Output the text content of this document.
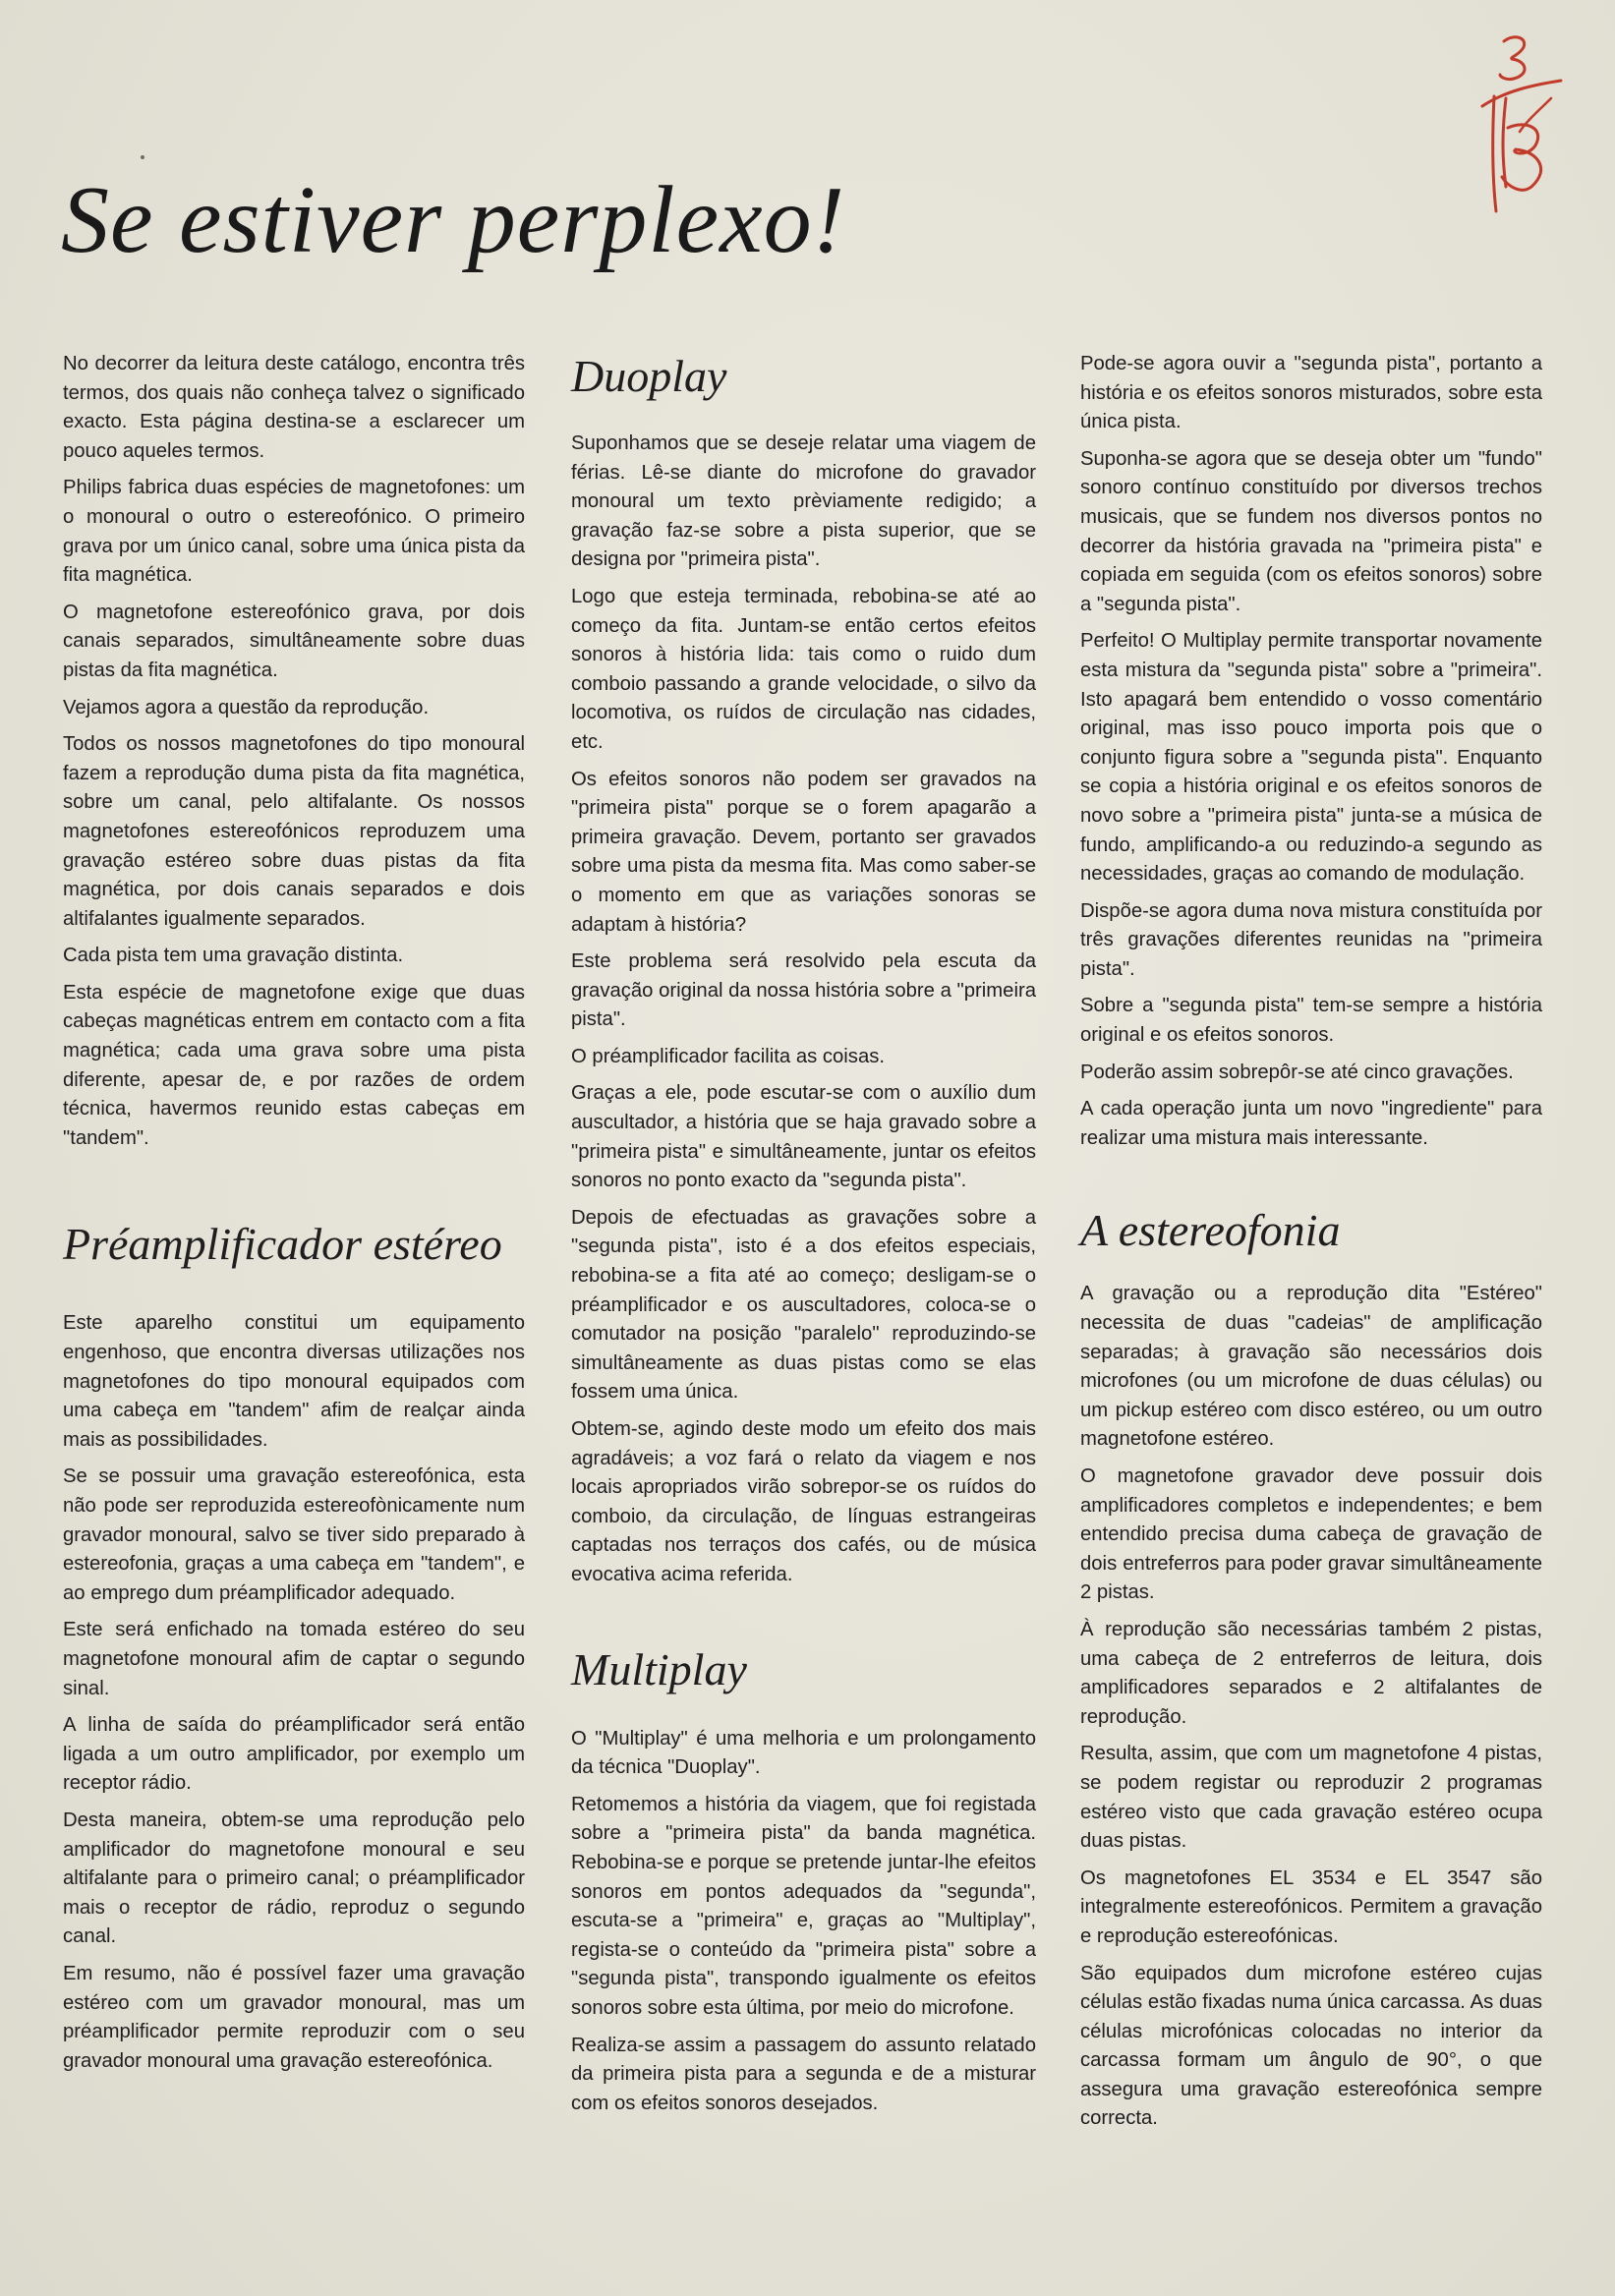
Se estiver perplexo!

No decorrer da leitura deste catálogo, encontra três termos, dos quais não conheça talvez o significado exacto. Esta página destina-se a esclarecer um pouco aqueles termos.

Philips fabrica duas espécies de magnetofones: um o monoural o outro o estereofónico. O primeiro grava por um único canal, sobre uma única pista da fita magnética.

O magnetofone estereofónico grava, por dois canais separados, simultâneamente sobre duas pistas da fita magnética.

Vejamos agora a questão da reprodução.

Todos os nossos magnetofones do tipo monoural fazem a reprodução duma pista da fita magnética, sobre um canal, pelo altifalante. Os nossos magnetofones estereofónicos reproduzem uma gravação estéreo sobre duas pistas da fita magnética, por dois canais separados e dois altifalantes igualmente separados.

Cada pista tem uma gravação distinta.

Esta espécie de magnetofone exige que duas cabeças magnéticas entrem em contacto com a fita magnética; cada uma grava sobre uma pista diferente, apesar de, e por razões de ordem técnica, havermos reunido estas cabeças em "tandem".

Préamplificador estéreo

Este aparelho constitui um equipamento engenhoso, que encontra diversas utilizações nos magnetofones do tipo monoural equipados com uma cabeça em "tandem" afim de realçar ainda mais as possibilidades.

Se se possuir uma gravação estereofónica, esta não pode ser reproduzida estereofònicamente num gravador monoural, salvo se tiver sido preparado à estereofonia, graças a uma cabeça em "tandem", e ao emprego dum préamplificador adequado.

Este será enfichado na tomada estéreo do seu magnetofone monoural afim de captar o segundo sinal.

A linha de saída do préamplificador será então ligada a um outro amplificador, por exemplo um receptor rádio.

Desta maneira, obtem-se uma reprodução pelo amplificador do magnetofone monoural e seu altifalante para o primeiro canal; o préamplificador mais o receptor de rádio, reproduz o segundo canal.

Em resumo, não é possível fazer uma gravação estéreo com um gravador monoural, mas um préamplificador permite reproduzir com o seu gravador monoural uma gravação estereofónica.

Duoplay

Suponhamos que se deseje relatar uma viagem de férias. Lê-se diante do microfone do gravador monoural um texto prèviamente redigido; a gravação faz-se sobre a pista superior, que se designa por "primeira pista".

Logo que esteja terminada, rebobina-se até ao começo da fita. Juntam-se então certos efeitos sonoros à história lida: tais como o ruido dum comboio passando a grande velocidade, o silvo da locomotiva, os ruídos de circulação nas cidades, etc.

Os efeitos sonoros não podem ser gravados na "primeira pista" porque se o forem apagarão a primeira gravação. Devem, portanto ser gravados sobre uma pista da mesma fita. Mas como saber-se o momento em que as variações sonoras se adaptam à história?

Este problema será resolvido pela escuta da gravação original da nossa história sobre a "primeira pista".

O préamplificador facilita as coisas.

Graças a ele, pode escutar-se com o auxílio dum auscultador, a história que se haja gravado sobre a "primeira pista" e simultâneamente, juntar os efeitos sonoros no ponto exacto da "segunda pista".

Depois de efectuadas as gravações sobre a "segunda pista", isto é a dos efeitos especiais, rebobina-se a fita até ao começo; desligam-se o préamplificador e os auscultadores, coloca-se o comutador na posição "paralelo" reproduzindo-se simultâneamente as duas pistas como se elas fossem uma única.

Obtem-se, agindo deste modo um efeito dos mais agradáveis; a voz fará o relato da viagem e nos locais apropriados virão sobrepor-se os ruídos do comboio, da circulação, de línguas estrangeiras captadas nos terraços dos cafés, ou de música evocativa acima referida.

Multiplay

O "Multiplay" é uma melhoria e um prolongamento da técnica "Duoplay".

Retomemos a história da viagem, que foi registada sobre a "primeira pista" da banda magnética. Rebobina-se e porque se pretende juntar-lhe efeitos sonoros em pontos adequados da "segunda", escuta-se a "primeira" e, graças ao "Multiplay", regista-se o conteúdo da "primeira pista" sobre a "segunda pista", transpondo igualmente os efeitos sonoros sobre esta última, por meio do microfone.

Realiza-se assim a passagem do assunto relatado da primeira pista para a segunda e de a misturar com os efeitos sonoros desejados.

Pode-se agora ouvir a "segunda pista", portanto a história e os efeitos sonoros misturados, sobre esta única pista.

Suponha-se agora que se deseja obter um "fundo" sonoro contínuo constituído por diversos trechos musicais, que se fundem nos diversos pontos no decorrer da história gravada na "primeira pista" e copiada em seguida (com os efeitos sonoros) sobre a "segunda pista".

Perfeito! O Multiplay permite transportar novamente esta mistura da "segunda pista" sobre a "primeira". Isto apagará bem entendido o vosso comentário original, mas isso pouco importa pois que o conjunto figura sobre a "segunda pista". Enquanto se copia a história original e os efeitos sonoros de novo sobre a "primeira pista" junta-se a música de fundo, amplificando-a ou reduzindo-a segundo as necessidades, graças ao comando de modulação.

Dispõe-se agora duma nova mistura constituída por três gravações diferentes reunidas na "primeira pista".

Sobre a "segunda pista" tem-se sempre a história original e os efeitos sonoros.

Poderão assim sobrepôr-se até cinco gravações.

A cada operação junta um novo "ingrediente" para realizar uma mistura mais interessante.

A estereofonia

A gravação ou a reprodução dita "Estéreo" necessita de duas "cadeias" de amplificação separadas; à gravação são necessários dois microfones (ou um microfone de duas células) ou um pickup estéreo com disco estéreo, ou um outro magnetofone estéreo.

O magnetofone gravador deve possuir dois amplificadores completos e independentes; e bem entendido precisa duma cabeça de gravação de dois entreferros para poder gravar simultâneamente 2 pistas.

À reprodução são necessárias também 2 pistas, uma cabeça de 2 entreferros de leitura, dois amplificadores separados e 2 altifalantes de reprodução.

Resulta, assim, que com um magnetofone 4 pistas, se podem registar ou reproduzir 2 programas estéreo visto que cada gravação estéreo ocupa duas pistas.

Os magnetofones EL 3534 e EL 3547 são integralmente estereofónicos. Permitem a gravação e reprodução estereofónicas.

São equipados dum microfone estéreo cujas células estão fixadas numa única carcassa. As duas células microfónicas colocadas no interior da carcassa formam um ângulo de 90°, o que assegura uma gravação estereofónica sempre correcta.
